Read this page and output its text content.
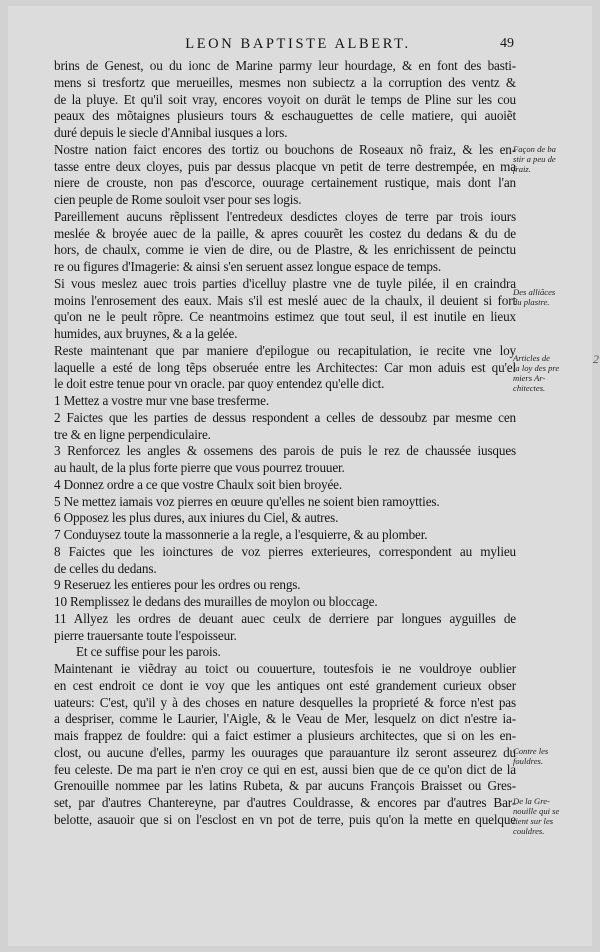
LEON BAPTISTE ALBERT.	49
brins de Genest, ou du ionc de Marine parmy leur hourdage, & en font des basti-
mens si tresfortz que merueilles, mesmes non subiectz a la corruption des ventz &
de la pluye. Et qu'il soit vray, encores voyoit on durät le temps de Pline sur les cou
peaux des mõtaignes plusieurs tours & eschauguettes de celle matiere, qui auoiẽt
duré depuis le siecle d'Annibal iusques a lors.
Nostre nation faict encores des tortiz ou bouchons de Roseaux nõ fraiz, & les en-
tasse entre deux cloyes, puis par dessus placque vn petit de terre destrempée, en ma
niere de crouste, non pas d'escorce, ouurage certainement rustique, mais dont l'an
cien peuple de Rome souloit vser pour ses logis.
Pareillement aucuns rẽplissent l'entredeux desdictes cloyes de terre par trois iours
meslée & broyée auec de la paille, & apres couurẽt les costez du dedans & du de
hors, de chaulx, comme ie vien de dire, ou de Plastre, & les enrichissent de peinctu
re ou figures d'Imagerie: & ainsi s'en seruent assez longue espace de temps.
Si vous meslez auec trois parties d'icelluy plastre vne de tuyle pilée, il en craindra
moins l'enrosement des eaux. Mais s'il est meslé auec de la chaulx, il deuient si fort
qu'on ne le peult rõpre. Ce neantmoins estimez que tout seul, il est inutile en lieux
humides, aux bruynes, & a la gelée.
Reste maintenant que par maniere d'epilogue ou recapitulation, ie recite vne loy
laquelle a esté de long tẽps obseruée entre les Architectes: Car mon aduis est qu'el
le doit estre tenue pour vn oracle. par quoy entendez qu'elle dict.
1 Mettez a vostre mur vne base tresferme.
2 Faictes que les parties de dessus respondent a celles de dessoubz par mesme cen
tre & en ligne perpendiculaire.
3 Renforcez les angles & ossemens des parois de puis le rez de chaussée iusques
au hault, de la plus forte pierre que vous pourrez trouuer.
4 Donnez ordre a ce que vostre Chaulx soit bien broyée.
5 Ne mettez iamais voz pierres en œuure qu'elles ne soient bien ramoytties.
6 Opposez les plus dures, aux iniures du Ciel, & autres.
7 Conduysez toute la massonnerie a la regle, a l'esquierre, & au plomber.
8 Faictes que les ioinctures de voz pierres exterieures, correspondent au mylieu
de celles du dedans.
9 Reseruez les entieres pour les ordres ou rengs.
10 Remplissez le dedans des murailles de moylon ou bloccage.
11 Allyez les ordres de deuant auec ceulx de derriere par longues ayguilles de
pierre trauersante toute l'espoisseur.
Et ce suffise pour les parois.
Maintenant ie viẽdray au toict ou couuerture, toutesfois ie ne vouldroye oublier
en cest endroit ce dont ie voy que les antiques ont esté grandement curieux obser
uateurs: C'est, qu'il y à des choses en nature desquelles la proprieté & force n'est pas
a despriser, comme le Laurier, l'Aigle, & le Veau de Mer, lesquelz on dict n'estre ia-
mais frappez de fouldre: qui a faict estimer a plusieurs architectes, que si on les en-
clost, ou aucune d'elles, parmy les ouurages que parauanture ilz seront asseurez du
feu celeste. De ma part ie n'en croy ce qui en est, aussi bien que de ce qu'on dict de la
Grenouille nommee par les latins Rubeta, & par aucuns François Braisset ou Gres-
set, par d'autres Chantereyne, par d'autres Couldrasse, & encores par d'autres Bar-
belotte, asauoir que si on l'esclost en vn pot de terre, puis qu'on la mette en quelque
Façon de ba
stir a peu de
fraiz.
Des alliãces
du plastre.
Articles de
la loy des pre
miers Ar-
chitectes.
2
Contre les
fouldres.
De la Gre-
nouille qui se
tient sur les
couldres.
